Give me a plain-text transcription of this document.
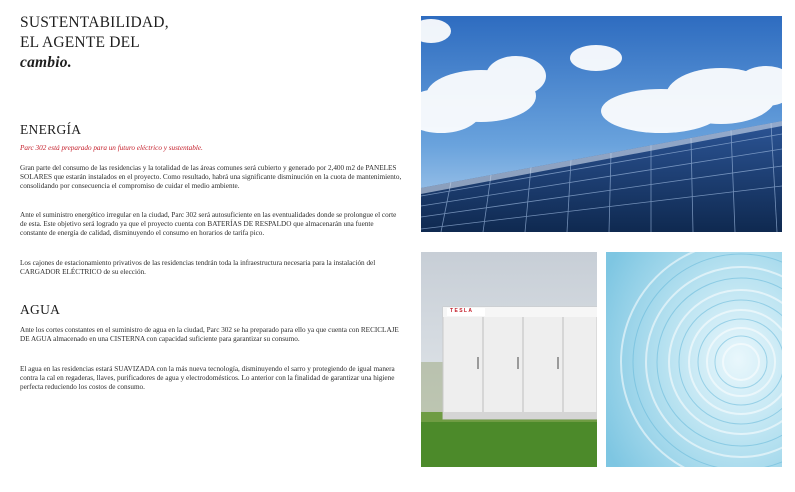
SUSTENTABILIDAD,
EL AGENTE DEL
cambio.
ENERGÍA

Parc 302 está preparado para un futuro eléctrico y sustentable.

Gran parte del consumo de las residencias y la totalidad de las áreas comunes será cubierto y generado por 2,400 m2 de PANELES SOLARES que estarán instalados en el proyecto. Como resultado, habrá una significante disminución en la cuota de mantenimiento, consolidando por consecuencia el compromiso de cuidar el medio ambiente.

Ante el suministro energético irregular en la ciudad, Parc 302 será autosuficiente en las eventualidades donde se prolongue el corte de esta. Este objetivo será logrado ya que el proyecto cuenta con BATERÍAS DE RESPALDO que almacenarán una fuente constante de energía de calidad, disminuyendo el consumo en horarios de tarifa pico.

Los cajones de estacionamiento privativos de las residencias tendrán toda la infraestructura necesaria para la instalación del CARGADOR ELÉCTRICO de su elección.

AGUA

Ante los cortes constantes en el suministro de agua en la ciudad, Parc 302 se ha preparado para ello ya que cuenta con RECICLAJE DE AGUA almacenado en una CISTERNA con capacidad suficiente para garantizar su consumo.

El agua en las residencias estará SUAVIZADA con la más nueva tecnología, disminuyendo el sarro y protegiendo de igual manera contra la cal en regaderas, llaves, purificadores de agua y electrodomésticos. Lo anterior con la finalidad de garantizar una higiene perfecta reduciendo los costos de consumo.

TESLA
